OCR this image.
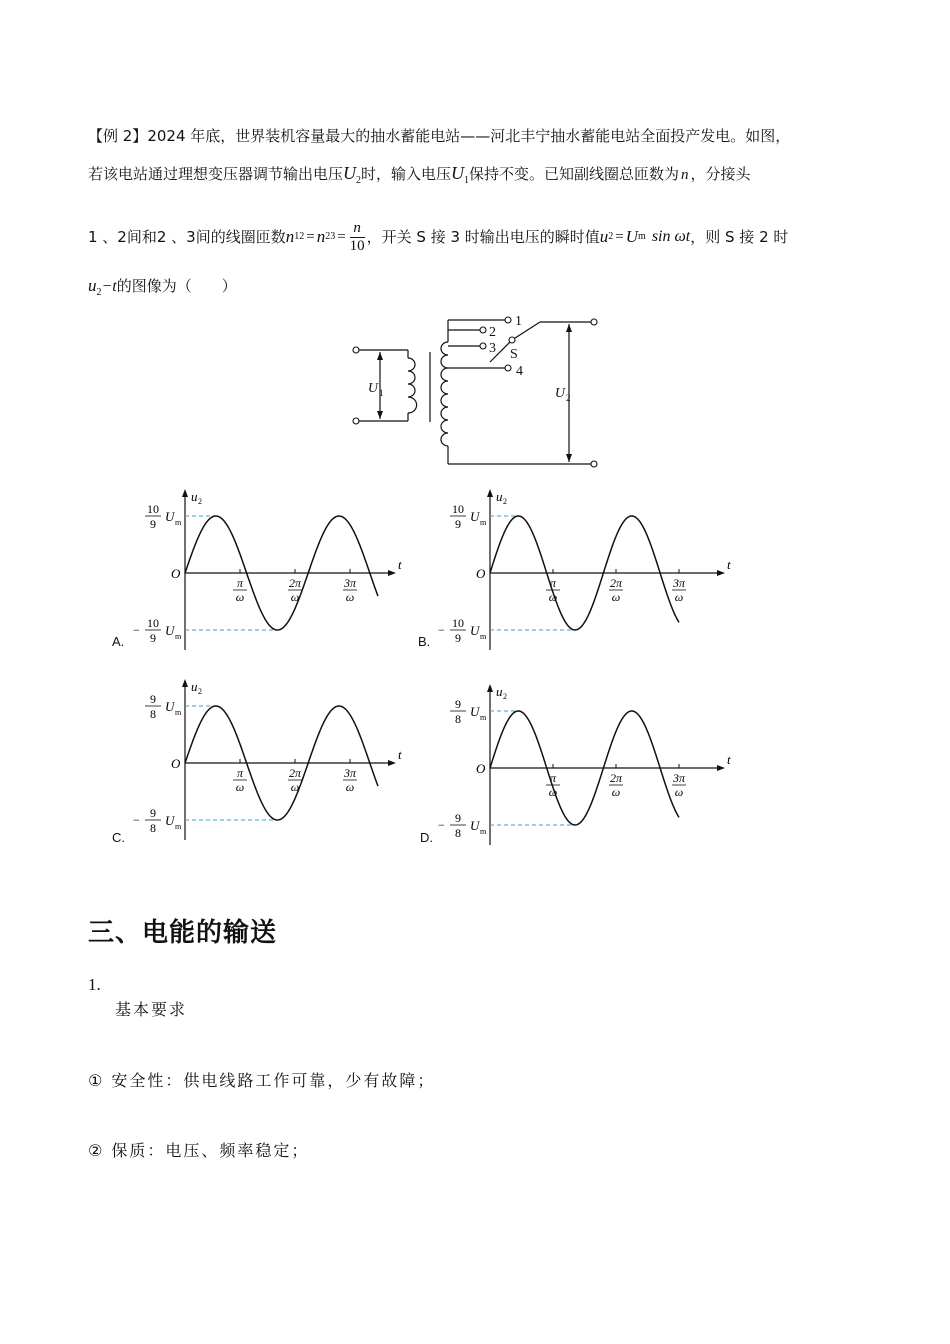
【例 2】2024 年底，世界装机容量最大的抽水蓄能电站——河北丰宁抽水蓄能电站全面投产发电。如图，
若该电站通过理想变压器调节输出电压$U_2$时，输入电压$U_1$保持不变。已知副线圈总匝数为 n ，分接头
1 、2间和2 、3间的线圈匝数 n 12 = n $23 = \frac{n}{10}$ ，开关 S 接 3 时输出电压的瞬时值 u 2 = U m sin ωt ，则 S 接 2 时
$u_2-t$的图像为（　　）
1
2
3
4
S
U 1	U 2
u 2
t
O
π
ω
2π
ω
3π
ω
10
9 U m
− 10
9 U m
u 2
t
O
π
ω
2π
ω
3π
ω
10
9 U m
− 10
9 U m
u 2
t
O
π
ω
2π
ω
3π
ω
9
8 U m
− 9
8 U m
u 2
t
O
π
ω
2π
ω
3π
ω
9
8 U m
− 9
8 U m
A.	B.
C.	D.
三、电能的输送
1.
基本要求
① 安全性：供电线路工作可靠，少有故障；
② 保质：电压、频率稳定；
